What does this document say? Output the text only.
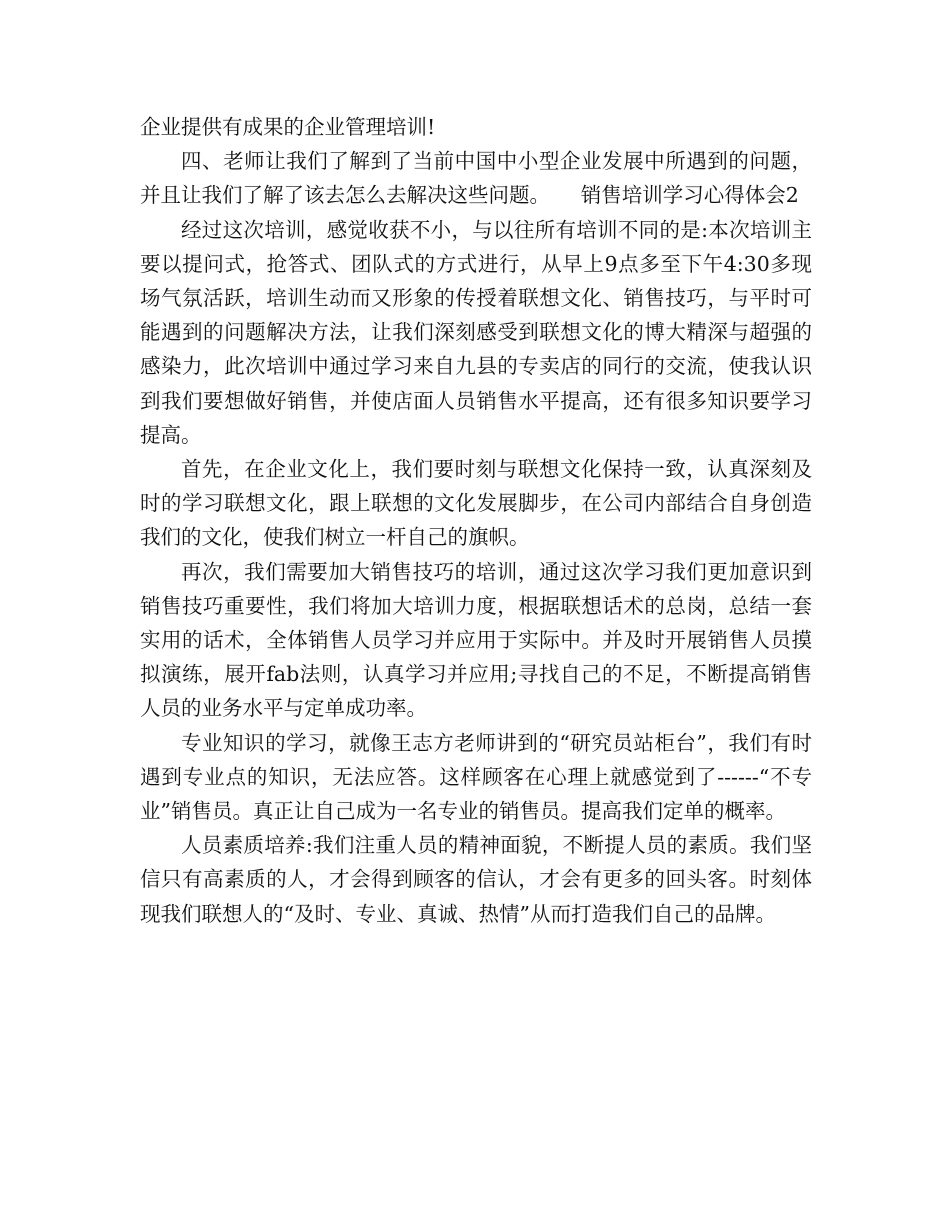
企业提供有成果的企业管理培训!

四、老师让我们了解到了当前中国中小型企业发展中所遇到的问题，并且让我们了解了该去怎么去解决这些问题。　　销售培训学习心得体会2

经过这次培训，感觉收获不小，与以往所有培训不同的是:本次培训主要以提问式，抢答式、团队式的方式进行，从早上9点多至下午4:30多现场气氛活跃，培训生动而又形象的传授着联想文化、销售技巧，与平时可能遇到的问题解决方法，让我们深刻感受到联想文化的博大精深与超强的感染力，此次培训中通过学习来自九县的专卖店的同行的交流，使我认识到我们要想做好销售，并使店面人员销售水平提高，还有很多知识要学习提高。

首先，在企业文化上，我们要时刻与联想文化保持一致，认真深刻及时的学习联想文化，跟上联想的文化发展脚步，在公司内部结合自身创造我们的文化，使我们树立一杆自己的旗帜。

再次，我们需要加大销售技巧的培训，通过这次学习我们更加意识到销售技巧重要性，我们将加大培训力度，根据联想话术的总岗，总结一套实用的话术，全体销售人员学习并应用于实际中。并及时开展销售人员摸拟演练，展开fab法则，认真学习并应用;寻找自己的不足，不断提高销售人员的业务水平与定单成功率。

专业知识的学习，就像王志方老师讲到的“研究员站柜台”，我们有时遇到专业点的知识，无法应答。这样顾客在心理上就感觉到了------“不专业”销售员。真正让自己成为一名专业的销售员。提高我们定单的概率。

人员素质培养:我们注重人员的精神面貌，不断提人员的素质。我们坚信只有高素质的人，才会得到顾客的信认，才会有更多的回头客。时刻体现我们联想人的“及时、专业、真诚、热情”从而打造我们自己的品牌。
